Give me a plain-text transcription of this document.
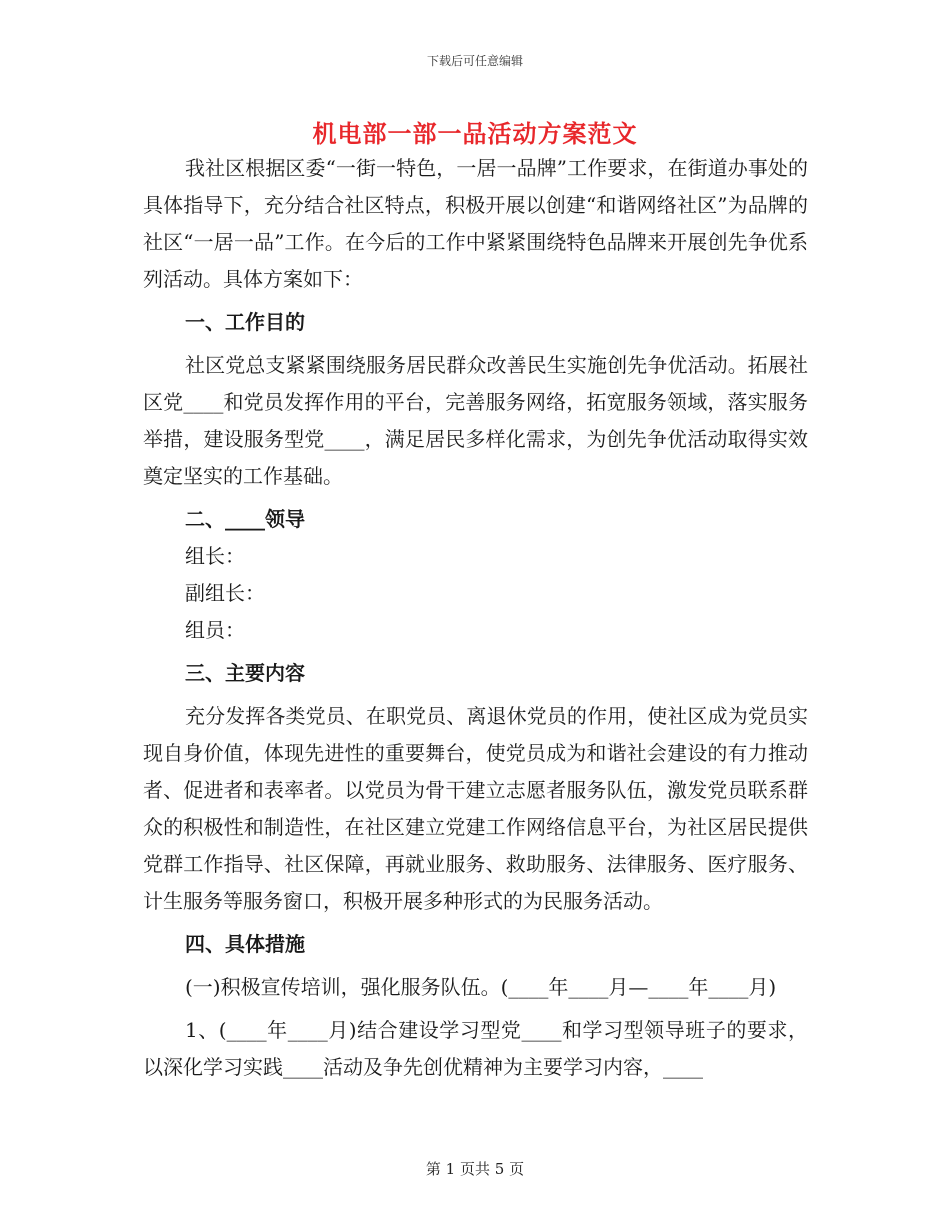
下载后可任意编辑
机电部一部一品活动方案范文

我社区根据区委“一街一特色，一居一品牌”工作要求，在街道办事处的具体指导下，充分结合社区特点，积极开展以创建“和谐网络社区”为品牌的社区“一居一品”工作。在今后的工作中紧紧围绕特色品牌来开展创先争优系列活动。具体方案如下：

一、工作目的

社区党总支紧紧围绕服务居民群众改善民生实施创先争优活动。拓展社区党____和党员发挥作用的平台，完善服务网络，拓宽服务领域，落实服务举措，建设服务型党____，满足居民多样化需求，为创先争优活动取得实效奠定坚实的工作基础。

二、____领导

组长：

副组长：

组员：

三、主要内容

充分发挥各类党员、在职党员、离退休党员的作用，使社区成为党员实现自身价值，体现先进性的重要舞台，使党员成为和谐社会建设的有力推动者、促进者和表率者。以党员为骨干建立志愿者服务队伍，激发党员联系群众的积极性和制造性，在社区建立党建工作网络信息平台，为社区居民提供党群工作指导、社区保障，再就业服务、救助服务、法律服务、医疗服务、计生服务等服务窗口，积极开展多种形式的为民服务活动。

四、具体措施

(一)积极宣传培训，强化服务队伍。(____年____月—____年____月)

1、(____年____月)结合建设学习型党____和学习型领导班子的要求，以深化学习实践____活动及争先创优精神为主要学习内容，____

第 1 页共 5 页
